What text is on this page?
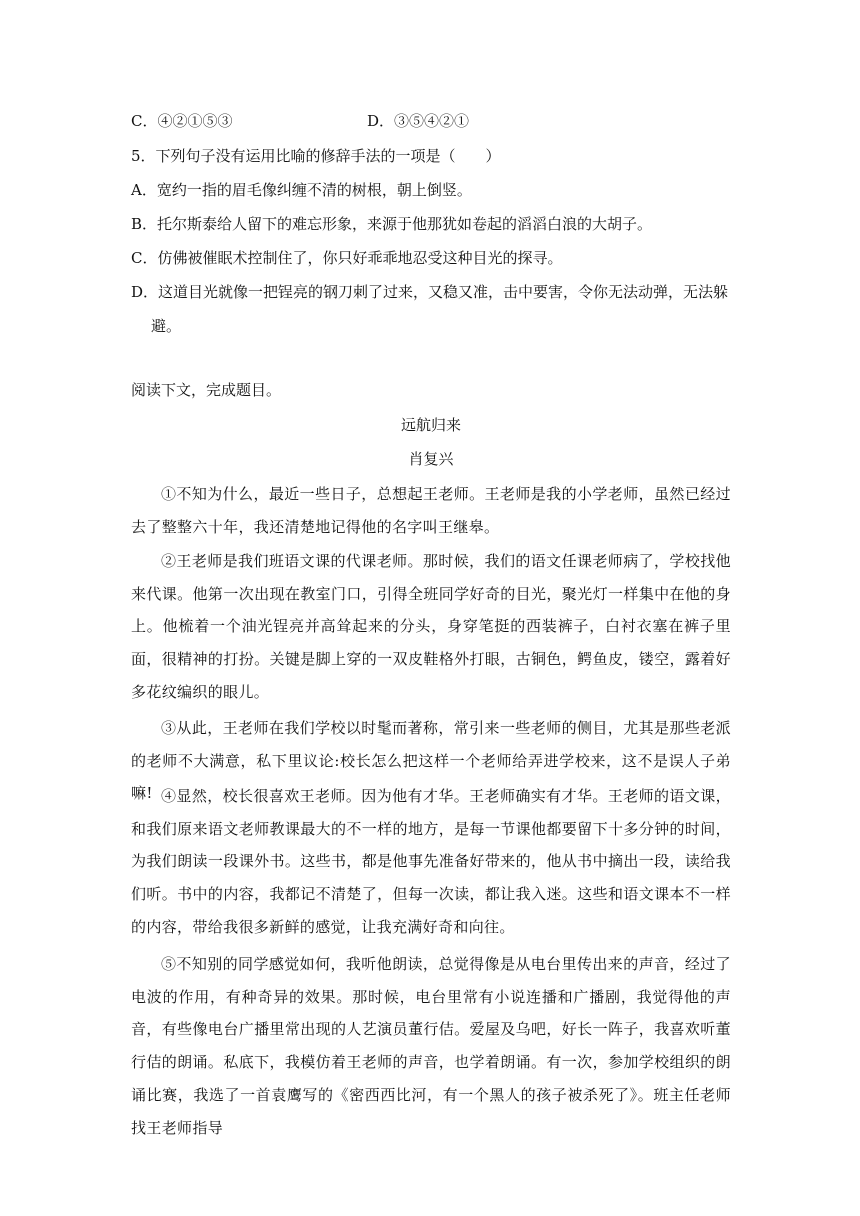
C．④②①⑤③	D．③⑤④②①
5．下列句子没有运用比喻的修辞手法的一项是（　　）
A．宽约一指的眉毛像纠缠不清的树根，朝上倒竖。
B．托尔斯泰给人留下的难忘形象，来源于他那犹如卷起的滔滔白浪的大胡子。
C．仿佛被催眠术控制住了，你只好乖乖地忍受这种目光的探寻。
D．这道目光就像一把锃亮的钢刀刺了过来，又稳又准，击中要害，令你无法动弹，无法躲
避。
阅读下文，完成题目。
远航归来
肖复兴
①不知为什么，最近一些日子，总想起王老师。王老师是我的小学老师，虽然已经过去了整整六十年，我还清楚地记得他的名字叫王继皋。
②王老师是我们班语文课的代课老师。那时候，我们的语文任课老师病了，学校找他来代课。他第一次出现在教室门口，引得全班同学好奇的目光，聚光灯一样集中在他的身上。他梳着一个油光锃亮并高耸起来的分头，身穿笔挺的西装裤子，白衬衣塞在裤子里面，很精神的打扮。关键是脚上穿的一双皮鞋格外打眼，古铜色，鳄鱼皮，镂空，露着好多花纹编织的眼儿。
③从此，王老师在我们学校以时髦而著称，常引来一些老师的侧目，尤其是那些老派的老师不大满意，私下里议论:校长怎么把这样一个老师给弄进学校来，这不是误人子弟嘛! ④显然，校长很喜欢王老师。因为他有才华。王老师确实有才华。王老师的语文课，和我们原来语文老师教课最大的不一样的地方，是每一节课他都要留下十多分钟的时间，为我们朗读一段课外书。这些书，都是他事先准备好带来的，他从书中摘出一段，读给我们听。书中的内容，我都记不清楚了，但每一次读，都让我入迷。这些和语文课本不一样的内容，带给我很多新鲜的感觉，让我充满好奇和向往。
⑤不知别的同学感觉如何，我听他朗读，总觉得像是从电台里传出来的声音，经过了电波的作用，有种奇异的效果。那时候，电台里常有小说连播和广播剧，我觉得他的声音，有些像电台广播里常出现的人艺演员董行佶。爱屋及乌吧，好长一阵子，我喜欢听董行佶的朗诵。私底下，我模仿着王老师的声音，也学着朗诵。有一次，参加学校组织的朗诵比赛，我选了一首袁鹰写的《密西西比河，有一个黑人的孩子被杀死了》。班主任老师找王老师指导
